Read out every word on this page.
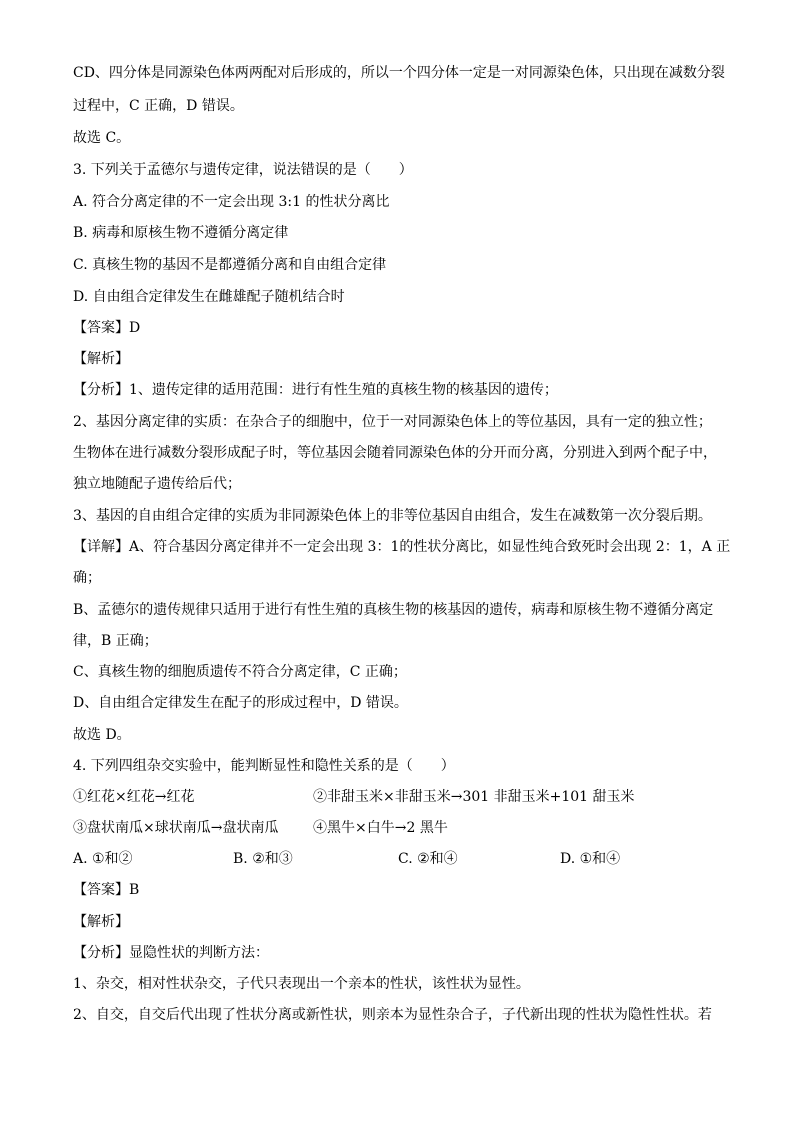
CD、四分体是同源染色体两两配对后形成的，所以一个四分体一定是一对同源染色体，只出现在减数分裂
过程中，C 正确，D 错误。
故选 C。
3. 下列关于孟德尔与遗传定律，说法错误的是（　　）
A. 符合分离定律的不一定会出现 3:1 的性状分离比
B. 病毒和原核生物不遵循分离定律
C. 真核生物的基因不是都遵循分离和自由组合定律
D. 自由组合定律发生在雌雄配子随机结合时
【答案】D
【解析】
【分析】1、遗传定律的适用范围：进行有性生殖的真核生物的核基因的遗传；
2、基因分离定律的实质：在杂合子的细胞中，位于一对同源染色体上的等位基因，具有一定的独立性；
生物体在进行减数分裂形成配子时，等位基因会随着同源染色体的分开而分离，分别进入到两个配子中，
独立地随配子遗传给后代；
3、基因的自由组合定律的实质为非同源染色体上的非等位基因自由组合，发生在减数第一次分裂后期。
【详解】A、符合基因分离定律并不一定会出现 3：1的性状分离比，如显性纯合致死时会出现 2：1，A 正
确；
B、孟德尔的遗传规律只适用于进行有性生殖的真核生物的核基因的遗传，病毒和原核生物不遵循分离定
律，B 正确；
C、真核生物的细胞质遗传不符合分离定律，C 正确；
D、自由组合定律发生在配子的形成过程中，D 错误。
故选 D。
4. 下列四组杂交实验中，能判断显性和隐性关系的是（　　）
①红花×红花→红花	②非甜玉米×非甜玉米→301 非甜玉米+101 甜玉米
③盘状南瓜×球状南瓜→盘状南瓜 ④黑牛×白牛→2 黑牛
A. ①和②	B. ②和③	C. ②和④	D. ①和④
【答案】B
【解析】
【分析】显隐性状的判断方法：
1、杂交，相对性状杂交，子代只表现出一个亲本的性状，该性状为显性。
2、自交，自交后代出现了性状分离或新性状，则亲本为显性杂合子，子代新出现的性状为隐性性状。若
